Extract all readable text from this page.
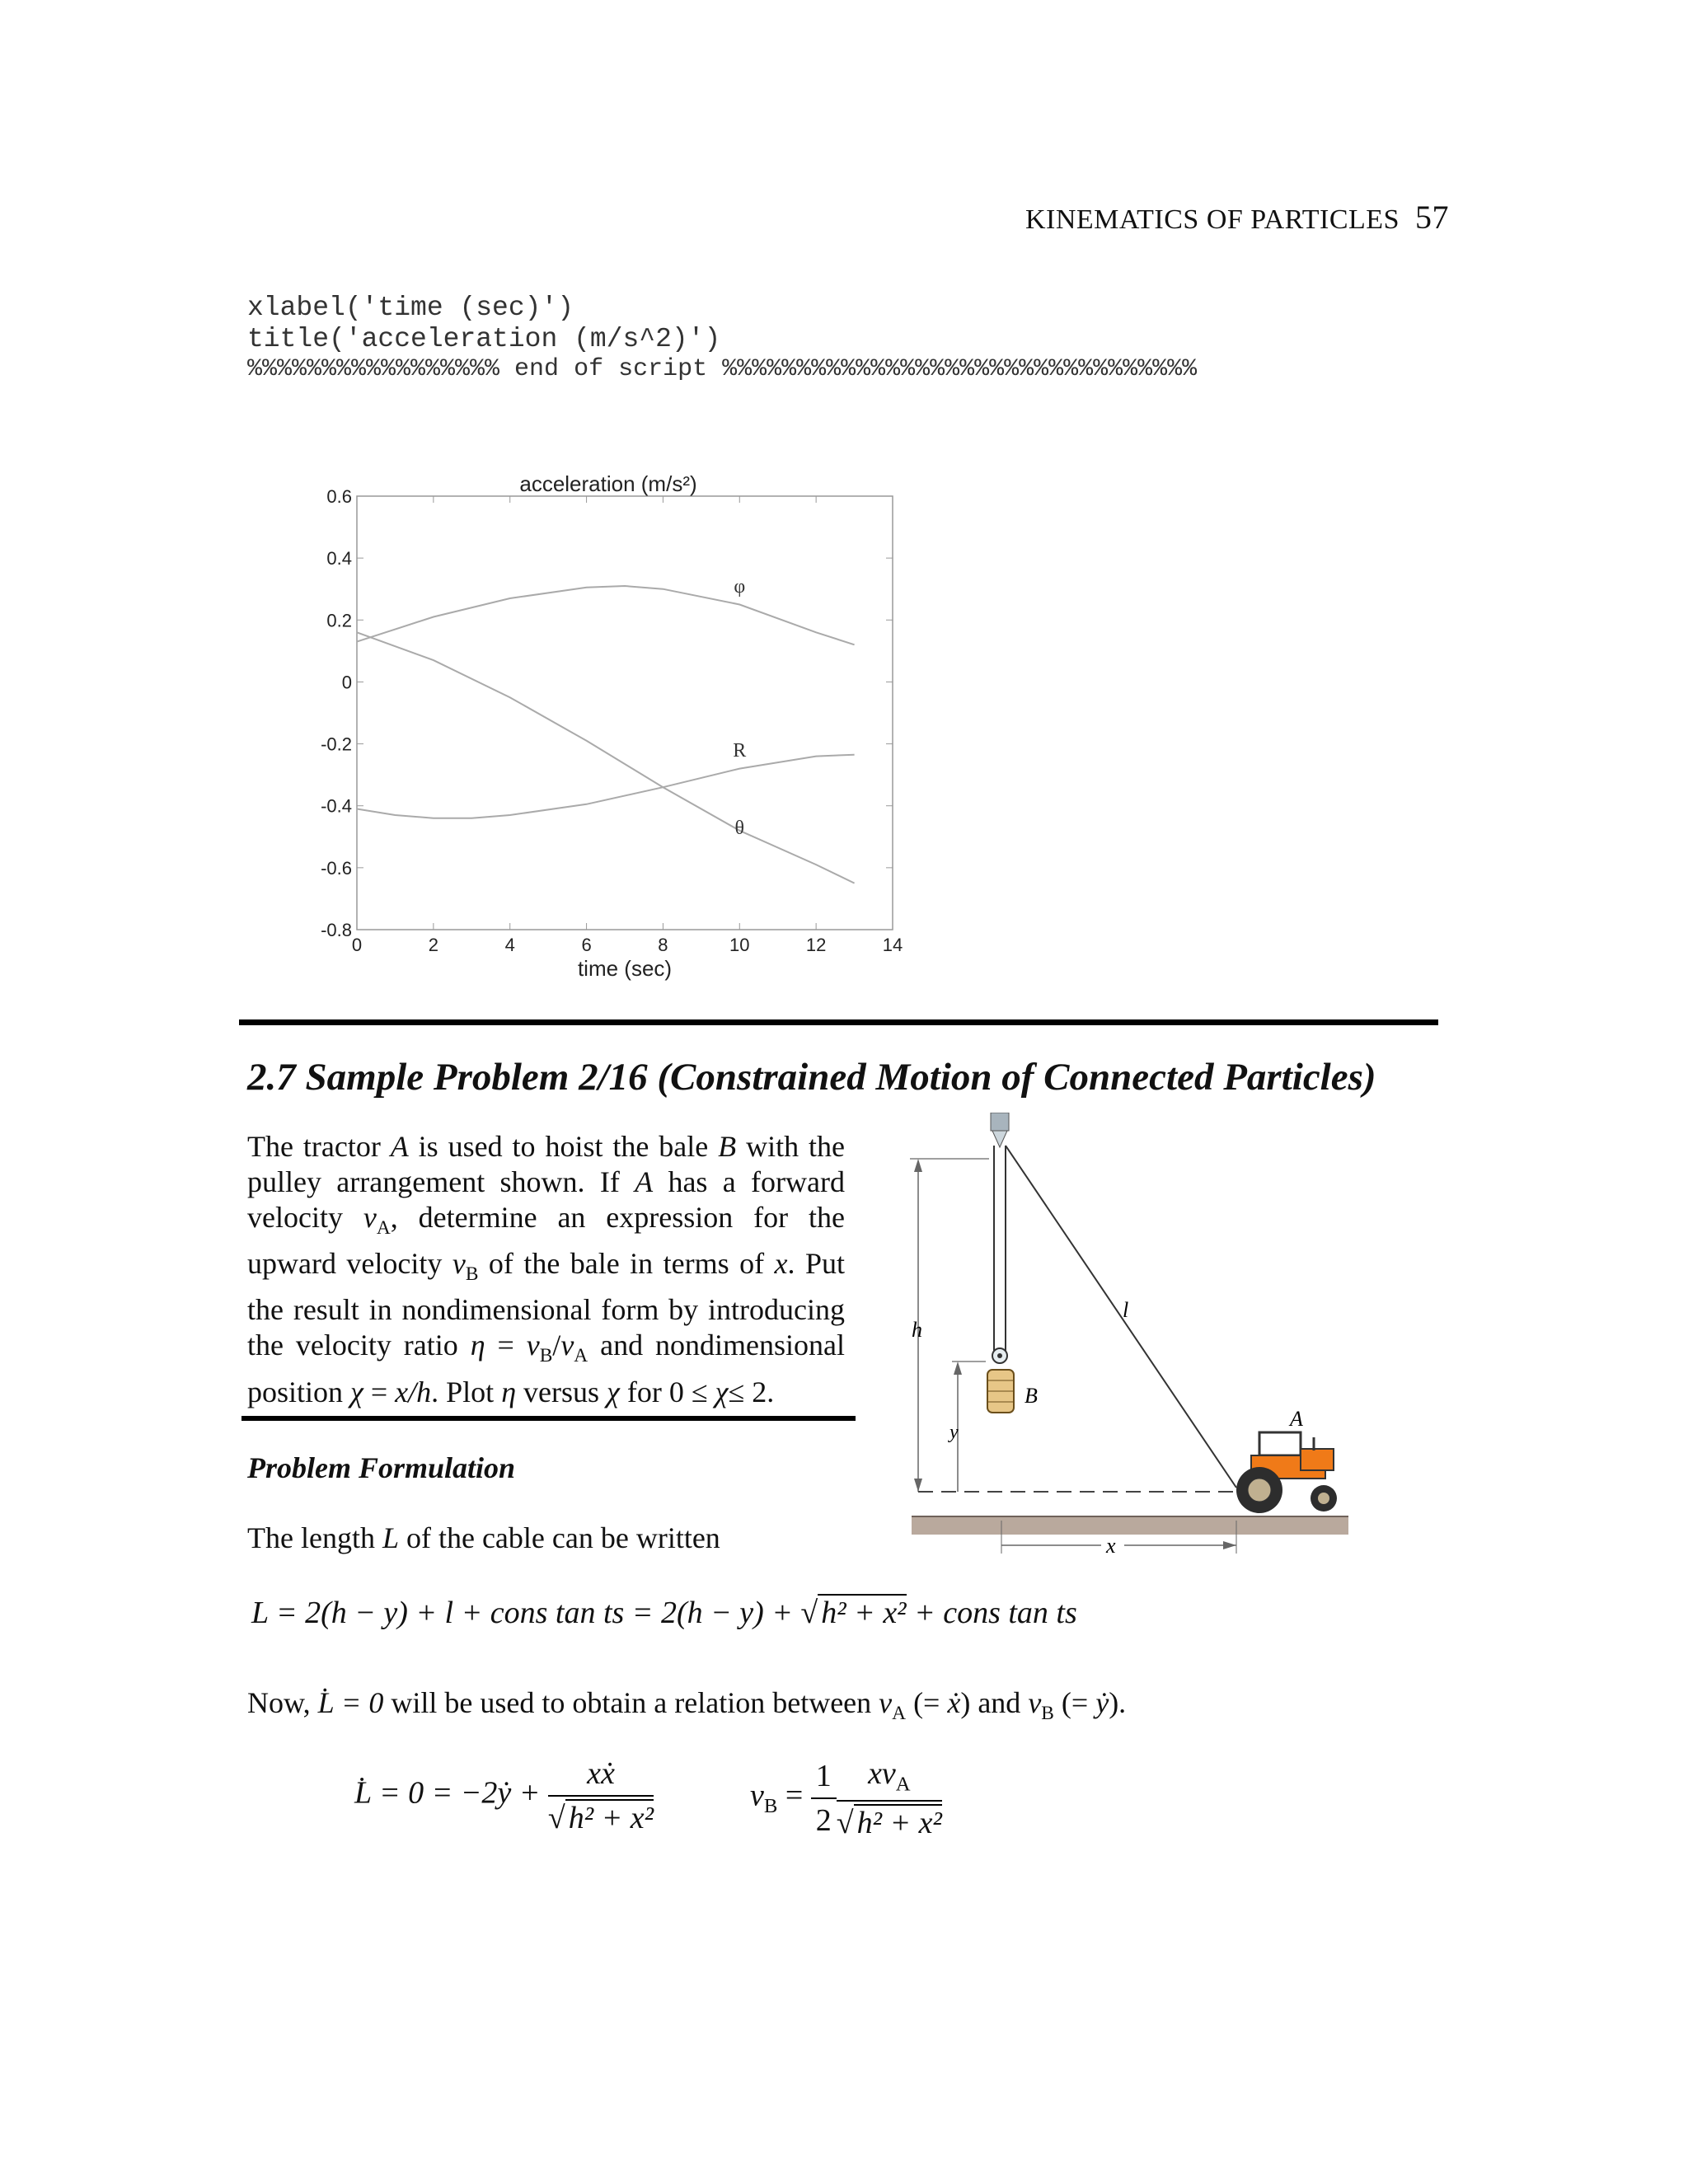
KINEMATICS OF PARTICLES 57
xlabel('time (sec)')
title('acceleration (m/s^2)')
%%%%%%%%%%%%%%%%% end of script %%%%%%%%%%%%%%%%%%%%%%%%%%%%%%%%
0	2	4	6	8	10	12	14
0.6
0.4
0.2
0
-0.2
-0.4
-0.6
-0.8
acceleration (m/s²)
time (sec)
φ
R
θ
2.7 Sample Problem 2/16 (Constrained Motion of Connected Particles)
The tractor A is used to hoist the bale B with the pulley arrangement shown. If A has a forward velocity $v_A$, determine an expression for the upward velocity $v_B$ of the bale in terms of x. Put the result in nondimensional form by introducing the velocity ratio $\eta = v_B/v_A$ and nondimensional position χ = x/h. Plot η versus χ for 0 ≤ χ≤ 2.
Problem Formulation
The length L of the cable can be written
L = 2(h − y) + l + cons tan ts = 2(h − y) + √ h² + x² + cons tan ts
Now, L̇ = 0 will be used to obtain a relation between $v_A$ (= ẋ) and $v_B$ (= ẏ).
L̇ = 0 = −2ẏ + $\frac{\text{xẋ}}{\text{√ h² + x²}}$	$v_B = \frac{1}{2} \frac{xv_A}{\text{√ h² + x²}}$
h
l
B
y
A
x
